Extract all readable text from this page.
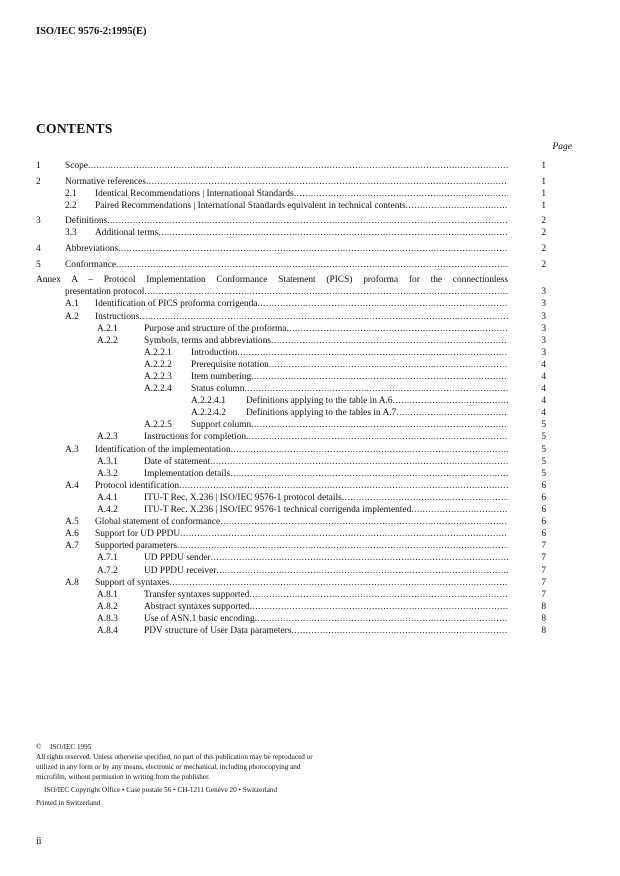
ISO/IEC 9576-2:1995(E)
CONTENTS
Page
1	Scope .....	1
2	Normative references .....	1
2.1 Identical Recommendations | International Standards .....	1
2.2 Paired Recommendations | International Standards equivalent in technical contents .....	1
3	Definitions .....	2
3.3 Additional terms .....	2
4	Abbreviations .....	2
5	Conformance .....	2
Annex A – Protocol Implementation Conformance Statement (PICS) proforma for the connectionless
presentation protocol .....	3
A.1 Identification of PICS proforma corrigenda .....	3
A.2 Instructions .....	3
A.2.1	Purpose and structure of the proforma .....	3
A.2.2	Symbols, terms and abbreviations .....	3
A.2.2.1 Introduction .....	3
A.2.2.2 Prerequisite notation .....	4
A.2.2.3 Item numbering .....	4
A.2.2.4 Status column .....	4
A.2.2.4.1 Definitions applying to the table in A.6 .....	4
A.2.2.4.2 Definitions applying to the tables in A.7 .....	4
A.2.2.5 Support column .....	5
A.2.3	Instructions for completion .....	5
A.3 Identification of the implementation .....	5
A.3.1	Date of statement .....	5
A.3.2	Implementation details .....	5
A.4 Protocol identification .....	6
A.4.1	ITU-T Rec. X.236 | ISO/IEC 9576-1 protocol details .....	6
A.4.2	ITU-T Rec. X.236 | ISO/IEC 9576-1 technical corrigenda implemented .....	6
A.5 Global statement of conformance .....	6
A.6 Support for UD PPDU .....	6
A.7 Supported parameters .....	7
A.7.1	UD PPDU sender .....	7
A.7.2	UD PPDU receiver .....	7
A.8 Support of syntaxes .....	7
A.8.1	Transfer syntaxes supported .....	7
A.8.2	Abstract syntaxes supported .....	8
A.8.3	Use of ASN.1 basic encoding .....	8
A.8.4	PDV structure of User Data parameters .....	8
© ISO/IEC 1995
All rights reserved. Unless otherwise specified, no part of this publication may be reproduced or
utilized in any form or by any means, electronic or mechanical, including photocopying and
microfilm, without permission in writing from the publisher.
ISO/IEC Copyright Office • Case postale 56 • CH-1211 Genève 20 • Switzerland
Printed in Switzerland
ii
